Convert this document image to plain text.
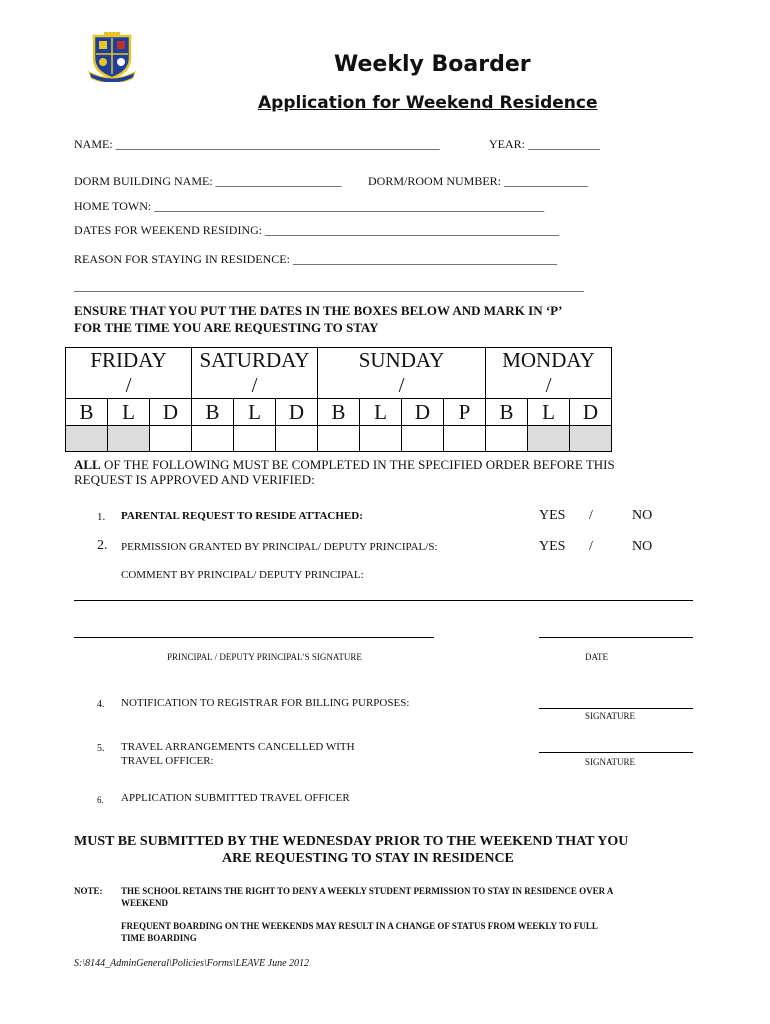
Weekly Boarder
Application for Weekend Residence
NAME: ______________________________________________________	YEAR: ____________
DORM BUILDING NAME: _____________________ DORM/ROOM NUMBER: ______________
HOME TOWN: _________________________________________________________________
DATES FOR WEEKEND RESIDING: _________________________________________________
REASON FOR STAYING IN RESIDENCE: ____________________________________________
_____________________________________________________________________________________
ENSURE THAT YOU PUT THE DATES IN THE BOXES BELOW AND MARK IN ‘P’
FOR THE TIME YOU ARE REQUESTING TO STAY
FRIDAY			SATURDAY			SUNDAY				MONDAY		
/			/			/				/		
B	L	D	B	L	D	B	L	D	P	B	L	D

ALL OF THE FOLLOWING MUST BE COMPLETED IN THE SPECIFIED ORDER BEFORE THIS
REQUEST IS APPROVED AND VERIFIED:
1. PARENTAL REQUEST TO RESIDE ATTACHED:	YES /	NO
2. PERMISSION GRANTED BY PRINCIPAL/ DEPUTY PRINCIPAL/S:	YES /	NO
COMMENT BY PRINCIPAL/ DEPUTY PRINCIPAL:
PRINCIPAL / DEPUTY PRINCIPAL’S SIGNATURE	DATE
4. NOTIFICATION TO REGISTRAR FOR BILLING PURPOSES:
SIGNATURE
5. TRAVEL ARRANGEMENTS CANCELLED WITH
TRAVEL OFFICER:	SIGNATURE
6. APPLICATION SUBMITTED TRAVEL OFFICER
MUST BE SUBMITTED BY THE WEDNESDAY PRIOR TO THE WEEKEND THAT YOU
ARE REQUESTING TO STAY IN RESIDENCE
NOTE: THE SCHOOL RETAINS THE RIGHT TO DENY A WEEKLY STUDENT PERMISSION TO STAY IN RESIDENCE OVER A
WEEKEND
FREQUENT BOARDING ON THE WEEKENDS MAY RESULT IN A CHANGE OF STATUS FROM WEEKLY TO FULL
TIME BOARDING
S:\8144_AdminGeneral\Policies\Forms\LEAVE June 2012
